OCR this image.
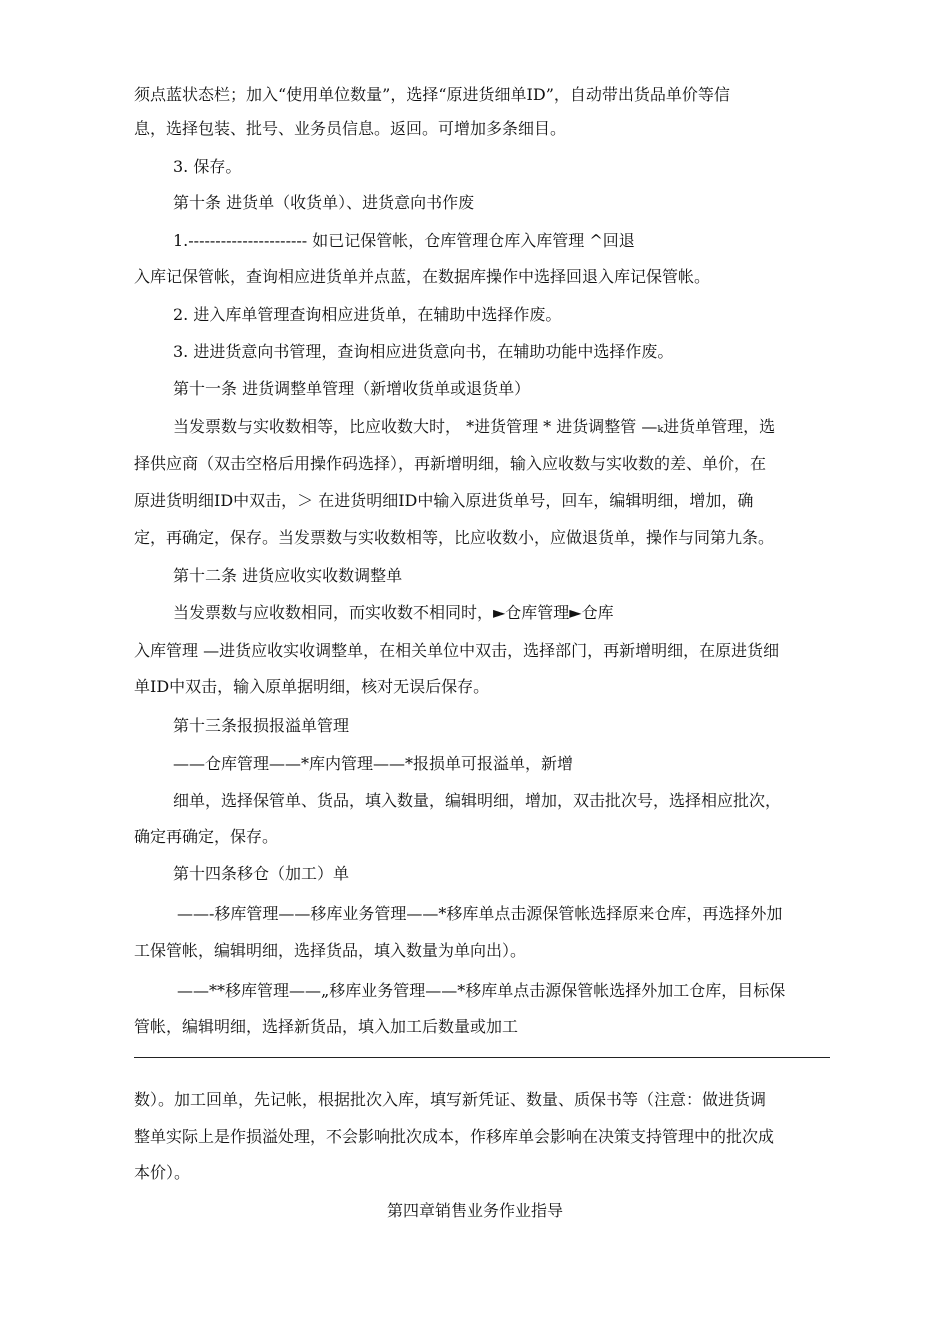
须点蓝状态栏；加入“使用单位数量”，选择“原进货细单ID”，自动带出货品单价等信
息，选择包装、批号、业务员信息。返回。可增加多条细目。
3. 保存。
第十条 进货单（收货单）、进货意向书作废
1.---------------------- 如已记保管帐，仓库管理仓库入库管理 ^回退
入库记保管帐，查询相应进货单并点蓝，在数据库操作中选择回退入库记保管帐。
2. 进入库单管理查询相应进货单，在辅助中选择作废。
3. 进进货意向书管理，查询相应进货意向书，在辅助功能中选择作废。
第十一条 进货调整单管理（新增收货单或退货单）
当发票数与实收数相等，比应收数大时， *进货管理 * 进货调整管 —ₖ进货单管理，选
择供应商（双击空格后用操作码选择），再新增明细，输入应收数与实收数的差、单价，在
原进货明细ID中双击，＞ 在进货明细ID中输入原进货单号，回车，编辑明细，增加，确
定，再确定，保存。当发票数与实收数相等，比应收数小，应做退货单，操作与同第九条。
第十二条 进货应收实收数调整单
当发票数与应收数相同，而实收数不相同时，►仓库管理►仓库
入库管理 —进货应收实收调整单，在相关单位中双击，选择部门，再新增明细，在原进货细
单ID中双击，输入原单据明细，核对无误后保存。
第十三条报损报溢单管理
——仓库管理——*库内管理——*报损单可报溢单，新增
细单，选择保管单、货品，填入数量，编辑明细，增加，双击批次号，选择相应批次，
确定再确定，保存。
第十四条移仓（加工）单
——-移库管理——移库业务管理——*移库单点击源保管帐选择原来仓库，再选择外加
工保管帐，编辑明细，选择货品，填入数量为单向出）。
——**移库管理——„移库业务管理——*移库单点击源保管帐选择外加工仓库，目标保
管帐，编辑明细，选择新货品，填入加工后数量或加工
数）。加工回单，先记帐，根据批次入库，填写新凭证、数量、质保书等（注意：做进货调
整单实际上是作损溢处理，不会影响批次成本，作移库单会影响在决策支持管理中的批次成
本价）。
第四章销售业务作业指导
